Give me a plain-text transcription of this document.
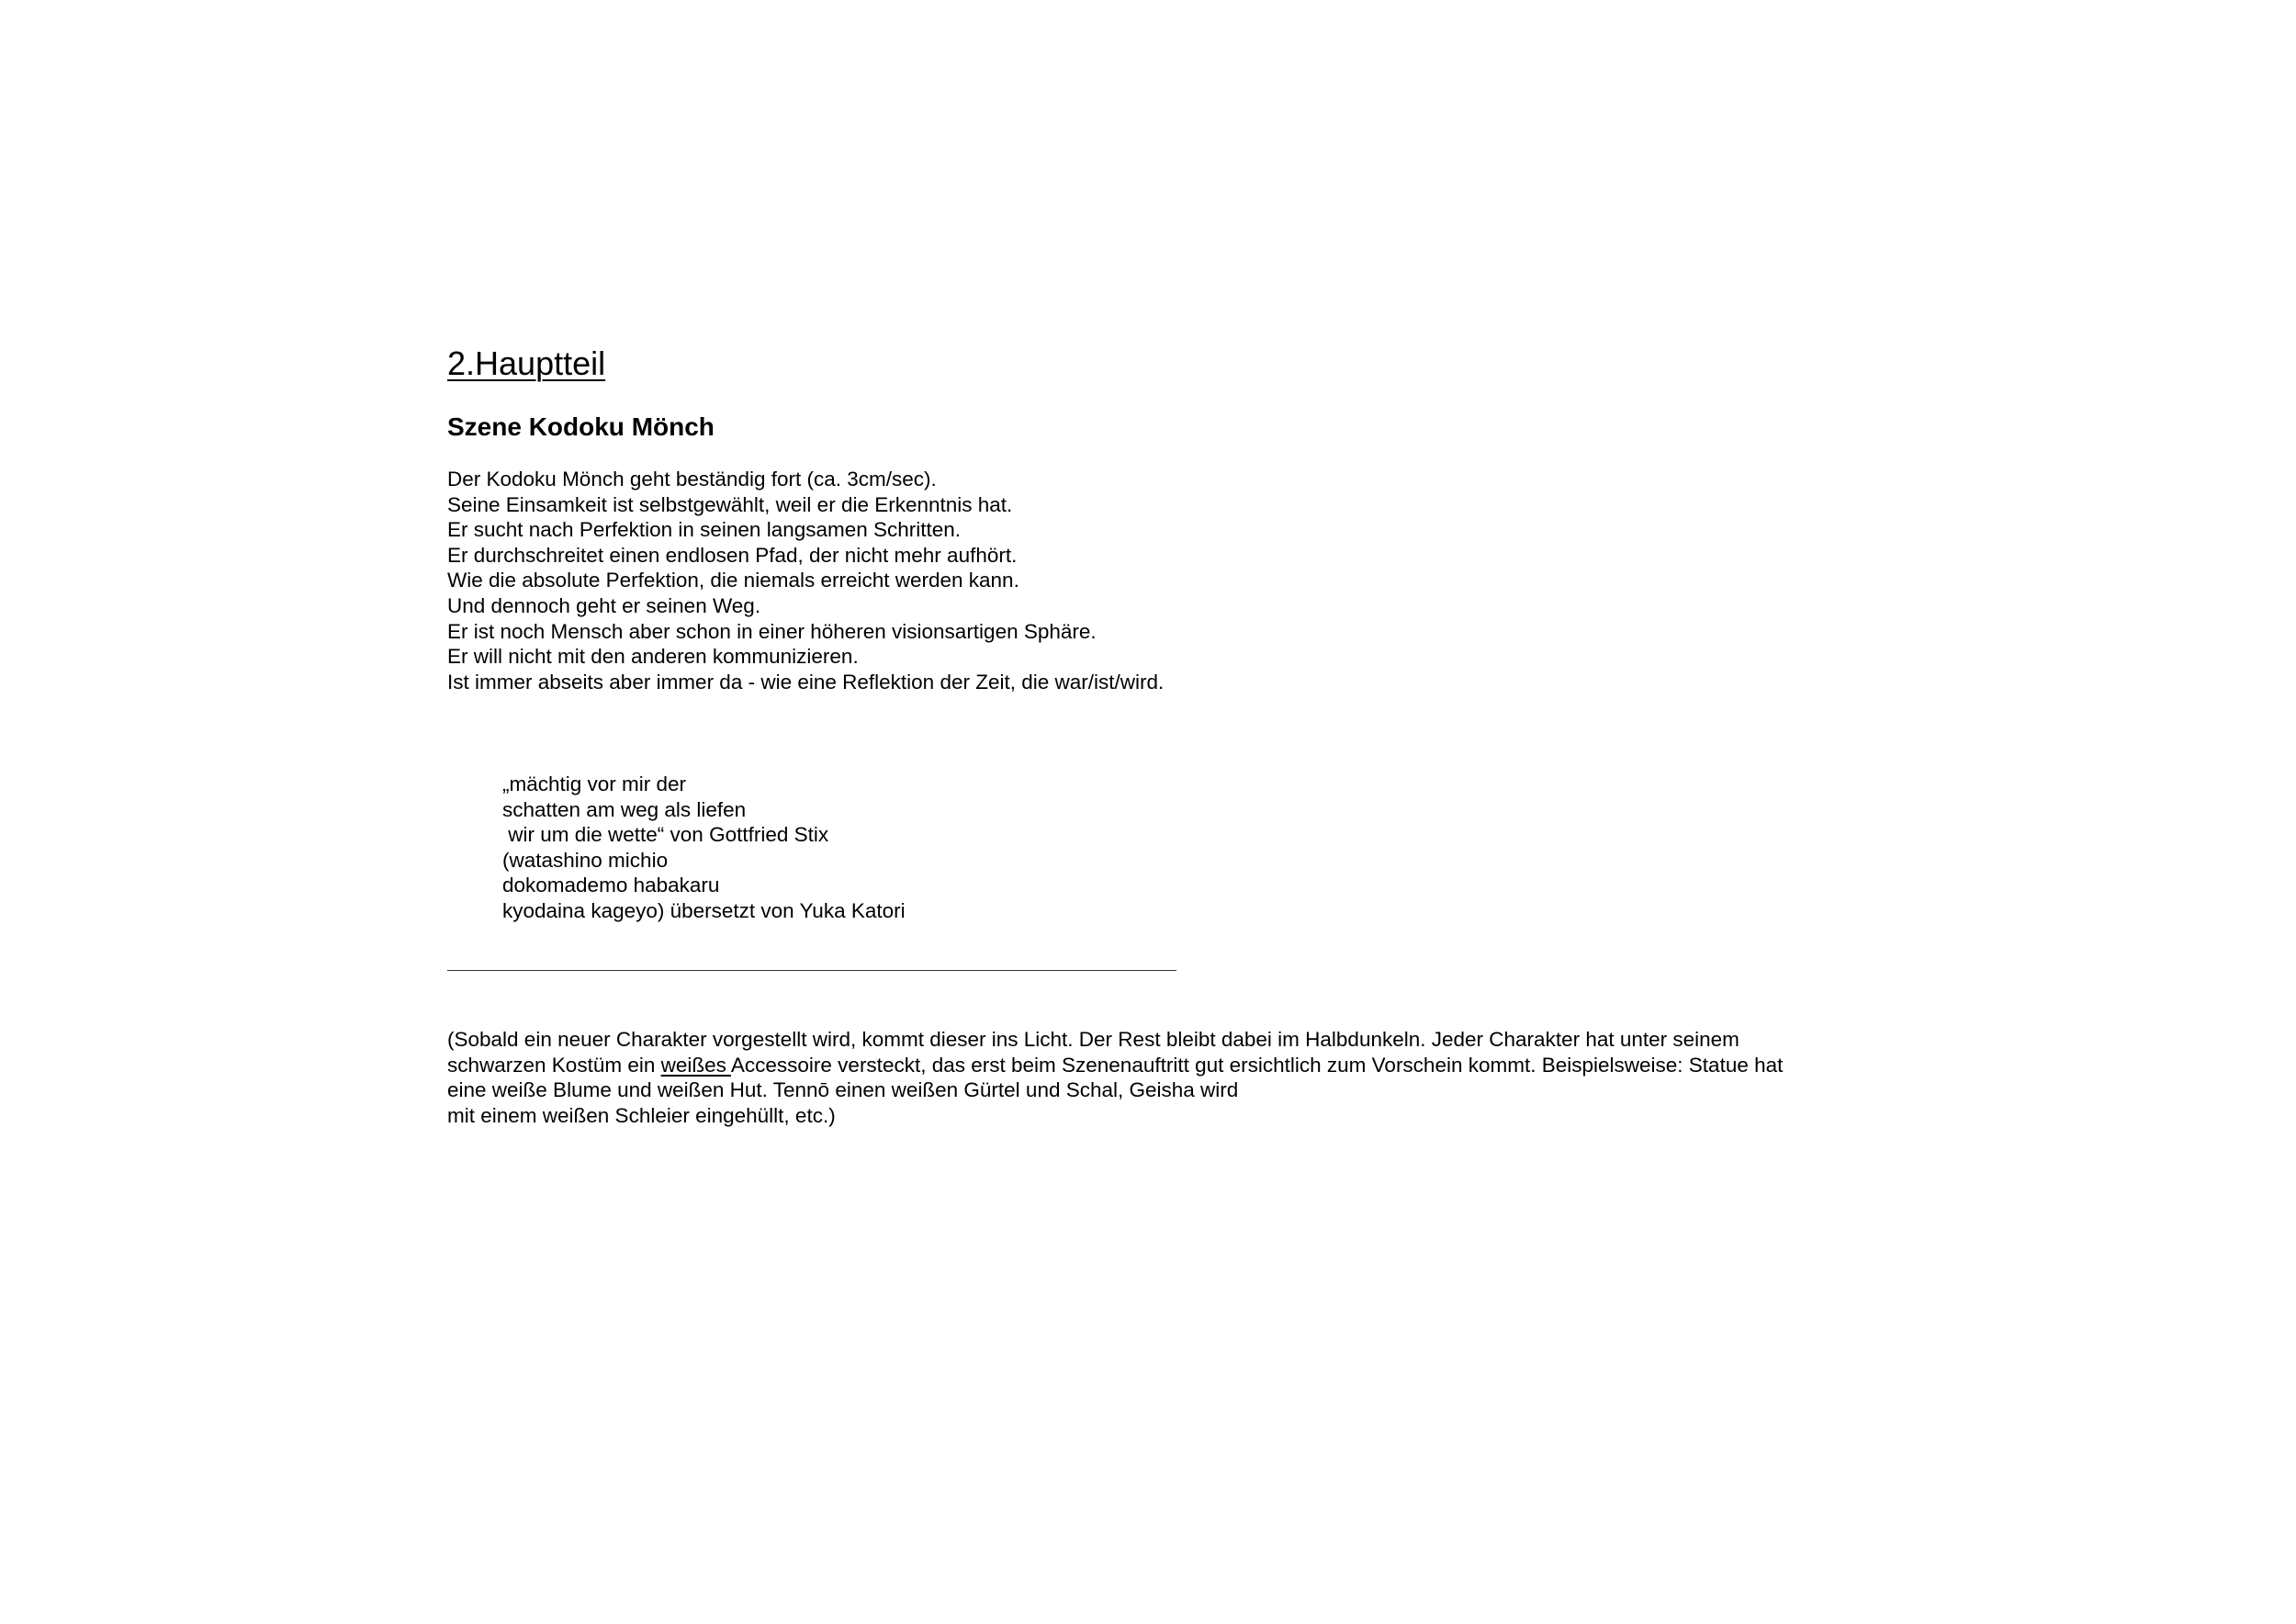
2.Hauptteil
Szene Kodoku Mönch
Der Kodoku Mönch geht beständig fort (ca. 3cm/sec).
Seine Einsamkeit ist selbstgewählt, weil er die Erkenntnis hat.
Er sucht nach Perfektion in seinen langsamen Schritten.
Er durchschreitet einen endlosen Pfad, der nicht mehr aufhört.
Wie die absolute Perfektion, die niemals erreicht werden kann.
Und dennoch geht er seinen Weg.
Er ist noch Mensch aber schon in einer höheren visionsartigen Sphäre.
Er will nicht mit den anderen kommunizieren.
Ist immer abseits aber immer da - wie eine Reflektion der Zeit, die war/ist/wird.
„mächtig vor mir der
schatten am weg als liefen
wir um die wette“ von Gottfried Stix
(watashino michio
dokomademo habakaru
kyodaina kageyo) übersetzt von Yuka Katori

(Sobald ein neuer Charakter vorgestellt wird, kommt dieser ins Licht. Der Rest bleibt dabei im Halbdunkeln. Jeder Charakter hat unter seinem
schwarzen Kostüm ein weißes Accessoire versteckt, das erst beim Szenenauftritt gut ersichtlich zum Vorschein kommt. Beispielsweise: Statue hat
eine weiße Blume und weißen Hut. Tennō einen weißen Gürtel und Schal, Geisha wird
mit einem weißen Schleier eingehüllt, etc.)
